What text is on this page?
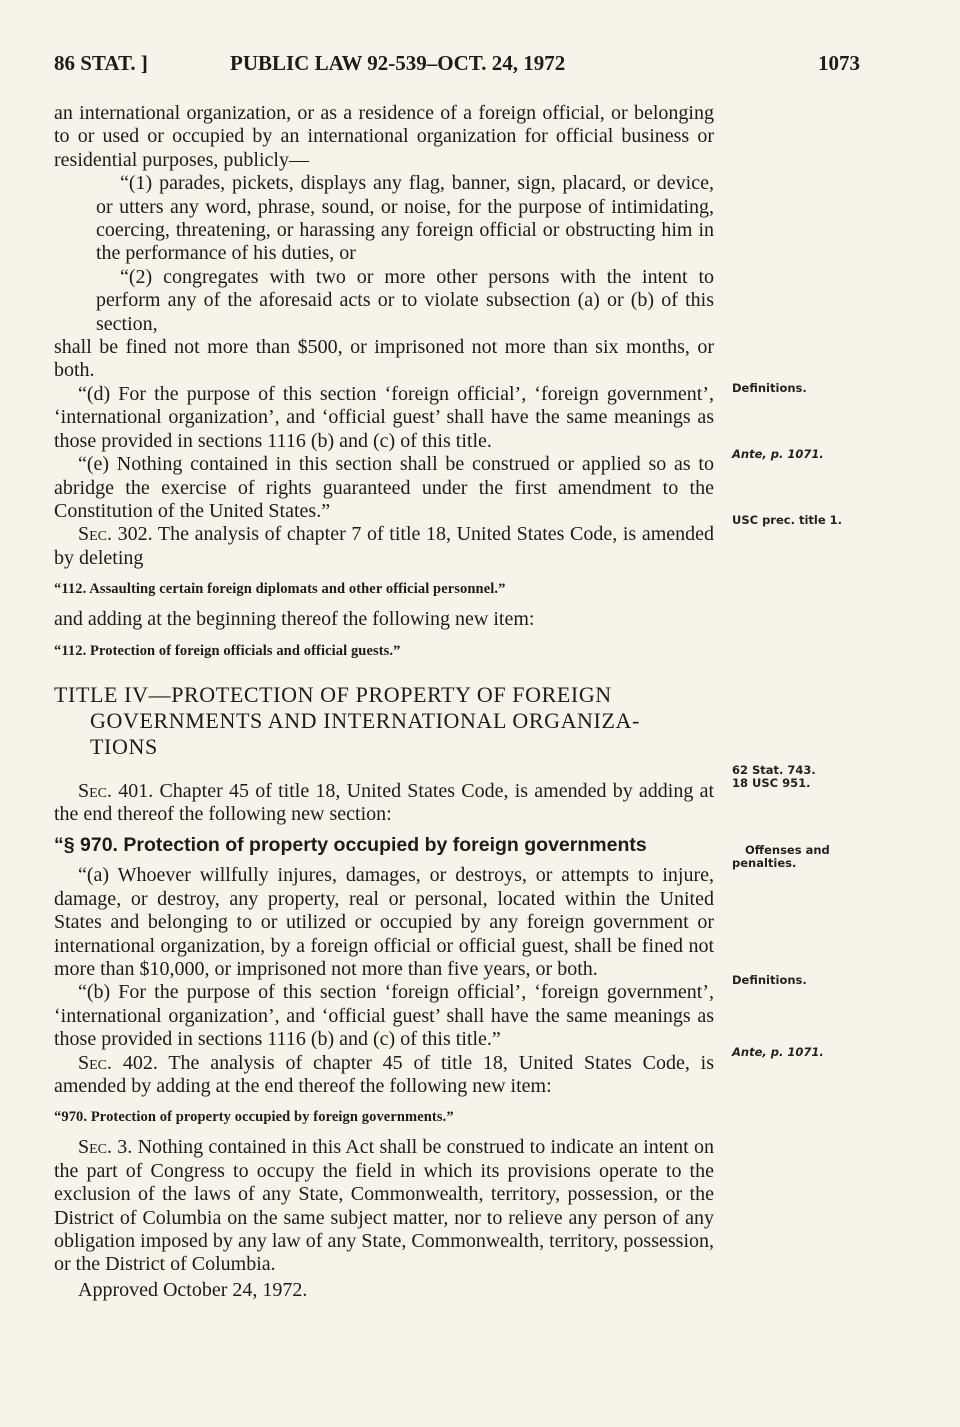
86 STAT. ]	PUBLIC LAW 92-539–OCT. 24, 1972	1073

an international organization, or as a residence of a foreign official, or belonging to or used or occupied by an international organization for official business or residential purposes, publicly—

“(1) parades, pickets, displays any flag, banner, sign, placard, or device, or utters any word, phrase, sound, or noise, for the purpose of intimidating, coercing, threatening, or harassing any foreign official or obstructing him in the performance of his duties, or

“(2) congregates with two or more other persons with the intent to perform any of the aforesaid acts or to violate subsection (a) or (b) of this section,

shall be fined not more than $500, or imprisoned not more than six months, or both.

“(d) For the purpose of this section ‘foreign official’, ‘foreign government’, ‘international organization’, and ‘official guest’ shall have the same meanings as those provided in sections 1116 (b) and (c) of this title.

“(e) Nothing contained in this section shall be construed or applied so as to abridge the exercise of rights guaranteed under the first amendment to the Constitution of the United States.”

Sec. 302. The analysis of chapter 7 of title 18, United States Code, is amended by deleting

“112. Assaulting certain foreign diplomats and other official personnel.”

and adding at the beginning thereof the following new item:

“112. Protection of foreign officials and official guests.”

TITLE IV—PROTECTION OF PROPERTY OF FOREIGN
GOVERNMENTS AND INTERNATIONAL ORGANIZA-
TIONS

Sec. 401. Chapter 45 of title 18, United States Code, is amended by adding at the end thereof the following new section:

“§ 970. Protection of property occupied by foreign governments

“(a) Whoever willfully injures, damages, or destroys, or attempts to injure, damage, or destroy, any property, real or personal, located within the United States and belonging to or utilized or occupied by any foreign government or international organization, by a foreign official or official guest, shall be fined not more than $10,000, or imprisoned not more than five years, or both.

“(b) For the purpose of this section ‘foreign official’, ‘foreign government’, ‘international organization’, and ‘official guest’ shall have the same meanings as those provided in sections 1116 (b) and (c) of this title.”

Sec. 402. The analysis of chapter 45 of title 18, United States Code, is amended by adding at the end thereof the following new item:

“970. Protection of property occupied by foreign governments.”

Sec. 3. Nothing contained in this Act shall be construed to indicate an intent on the part of Congress to occupy the field in which its provisions operate to the exclusion of the laws of any State, Commonwealth, territory, possession, or the District of Columbia on the same subject matter, nor to relieve any person of any obligation imposed by any law of any State, Commonwealth, territory, possession, or the District of Columbia.

Approved October 24, 1972.

Definitions.
Ante, p. 1071.
USC prec. title 1.
62 Stat. 743.
18 USC 951.
Offenses and
penalties.
Definitions.
Ante, p. 1071.
